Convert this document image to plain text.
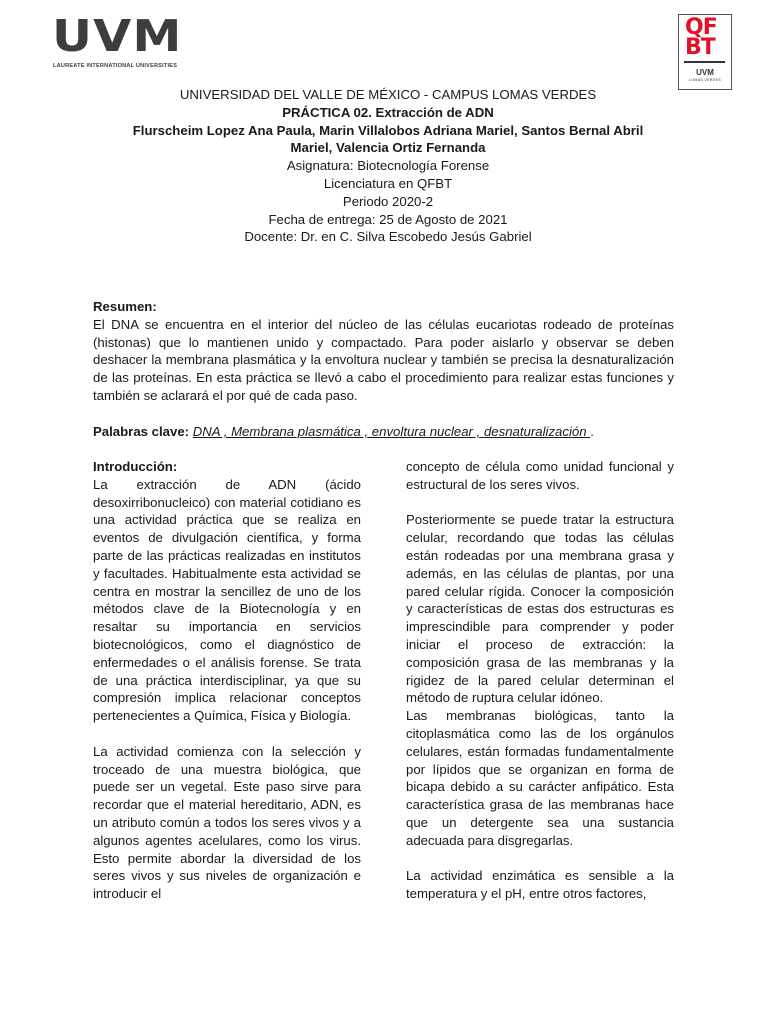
UVM
LAUREATE INTERNATIONAL UNIVERSITIES
QF
BT
UVM
LOMAS VERDES
UNIVERSIDAD DEL VALLE DE MÉXICO - CAMPUS LOMAS VERDES
PRÁCTICA 02. Extracción de ADN
Flurscheim Lopez Ana Paula, Marin Villalobos Adriana Mariel, Santos Bernal Abril
Mariel, Valencia Ortiz Fernanda
Asignatura: Biotecnología Forense
Licenciatura en QFBT
Periodo 2020-2
Fecha de entrega: 25 de Agosto de 2021
Docente: Dr. en C. Silva Escobedo Jesús Gabriel
Resumen:
El DNA se encuentra en el interior del núcleo de las células eucariotas rodeado de proteínas (histonas) que lo mantienen unido y compactado. Para poder aislarlo y observar se deben deshacer la membrana plasmática y la envoltura nuclear y también se precisa la desnaturalización de las proteínas. En esta práctica se llevó a cabo el procedimiento para realizar estas funciones y también se aclarará el por qué de cada paso.
Palabras clave: DNA , Membrana plasmática , envoltura nuclear , desnaturalización .

Introducción:

La extracción de ADN (ácido desoxirribonucleico) con material cotidiano es una actividad práctica que se realiza en eventos de divulgación científica, y forma parte de las prácticas realizadas en institutos y facultades. Habitualmente esta actividad se centra en mostrar la sencillez de uno de los métodos clave de la Biotecnología y en resaltar su importancia en servicios biotecnológicos, como el diagnóstico de enfermedades o el análisis forense. Se trata de una práctica interdisciplinar, ya que su compresión implica relacionar conceptos pertenecientes a Química, Física y Biología.

La actividad comienza con la selección y troceado de una muestra biológica, que puede ser un vegetal. Este paso sirve para recordar que el material hereditario, ADN, es un atributo común a todos los seres vivos y a algunos agentes acelulares, como los virus. Esto permite abordar la diversidad de los seres vivos y sus niveles de organización e introducir el

concepto de célula como unidad funcional y estructural de los seres vivos.

Posteriormente se puede tratar la estructura celular, recordando que todas las células están rodeadas por una membrana grasa y además, en las células de plantas, por una pared celular rígida. Conocer la composición y características de estas dos estructuras es imprescindible para comprender y poder iniciar el proceso de extracción: la composición grasa de las membranas y la rigidez de la pared celular determinan el método de ruptura celular idóneo.

Las membranas biológicas, tanto la citoplasmática como las de los orgánulos celulares, están formadas fundamentalmente por lípidos que se organizan en forma de bicapa debido a su carácter anfipático. Esta característica grasa de las membranas hace que un detergente sea una sustancia adecuada para disgregarlas.

La actividad enzimática es sensible a la temperatura y el pH, entre otros factores,
